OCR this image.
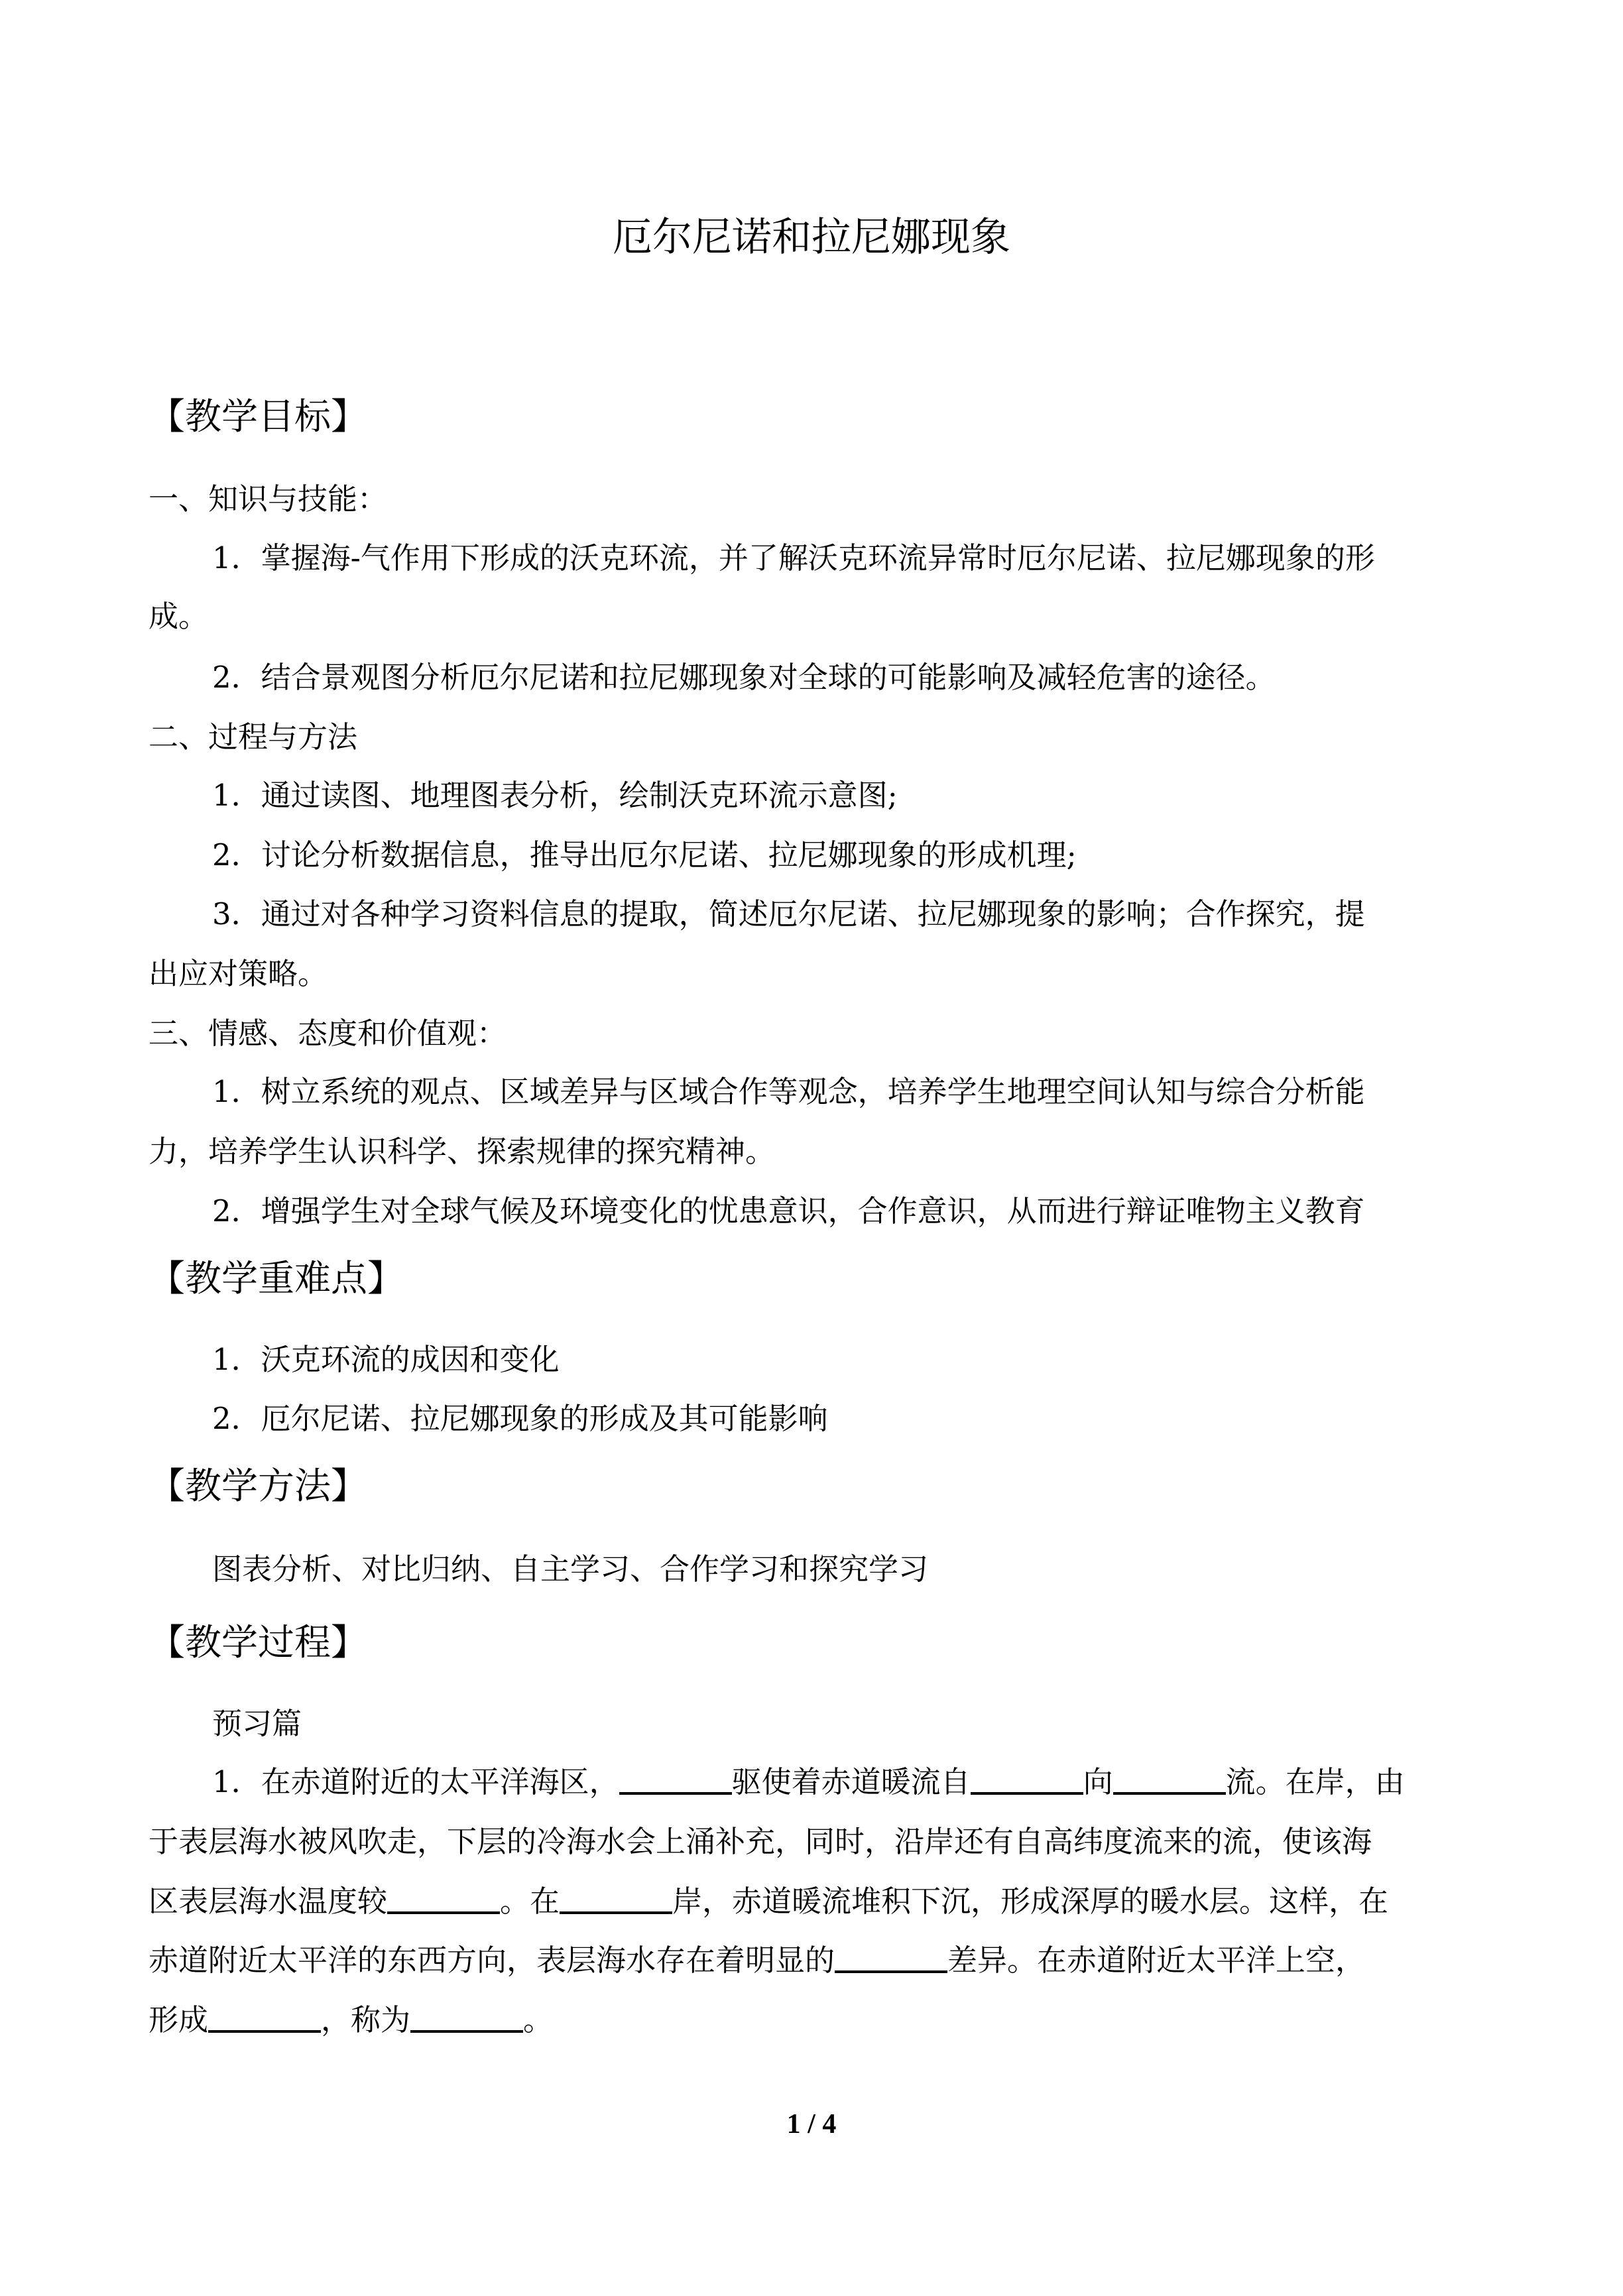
厄尔尼诺和拉尼娜现象
【教学目标】

一、知识与技能：

1．掌握海-气作用下形成的沃克环流，并了解沃克环流异常时厄尔尼诺、拉尼娜现象的形

成。

2．结合景观图分析厄尔尼诺和拉尼娜现象对全球的可能影响及减轻危害的途径。

二、过程与方法

1．通过读图、地理图表分析，绘制沃克环流示意图;

2．讨论分析数据信息，推导出厄尔尼诺、拉尼娜现象的形成机理;

3．通过对各种学习资料信息的提取，简述厄尔尼诺、拉尼娜现象的影响；合作探究，提

出应对策略。

三、情感、态度和价值观：

1．树立系统的观点、区域差异与区域合作等观念，培养学生地理空间认知与综合分析能

力，培养学生认识科学、探索规律的探究精神。

2．增强学生对全球气候及环境变化的忧患意识，合作意识，从而进行辩证唯物主义教育

【教学重难点】

1．沃克环流的成因和变化

2．厄尔尼诺、拉尼娜现象的形成及其可能影响

【教学方法】

图表分析、对比归纳、自主学习、合作学习和探究学习

【教学过程】

预习篇

1．在赤道附近的太平洋海区，	驱使着赤道暖流自	向	流。在岸，由

于表层海水被风吹走，下层的冷海水会上涌补充，同时，沿岸还有自高纬度流来的流，使该海

区表层海水温度较	。在	岸，赤道暖流堆积下沉，形成深厚的暖水层。这样，在

赤道附近太平洋的东西方向，表层海水存在着明显的	差异。在赤道附近太平洋上空，

形成	，称为	。

1 / 4
